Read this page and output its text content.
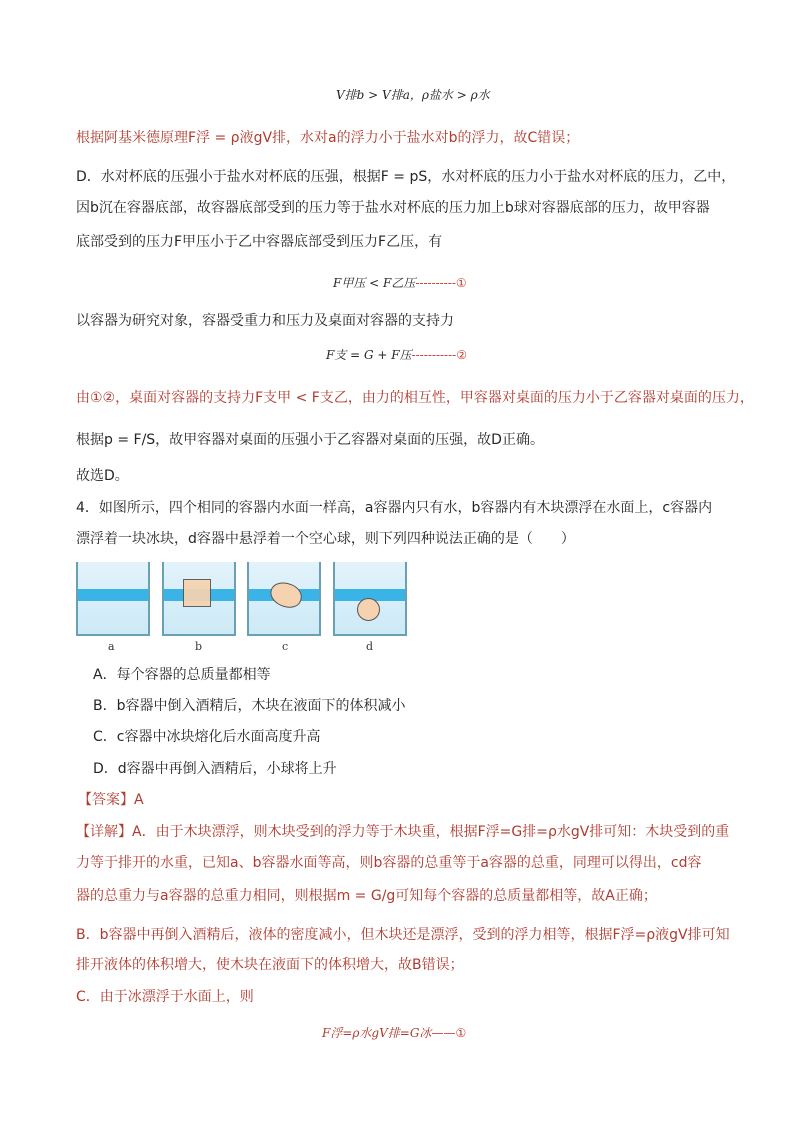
V排b > V排a，ρ盐水 > ρ水
根据阿基米德原理F浮 = ρ液gV排，水对a的浮力小于盐水对b的浮力，故C错误；
D．水对杯底的压强小于盐水对杯底的压强，根据F = pS，水对杯底的压力小于盐水对杯底的压力，乙中，
因b沉在容器底部，故容器底部受到的压力等于盐水对杯底的压力加上b球对容器底部的压力，故甲容器
底部受到的压力F甲压小于乙中容器底部受到压力F乙压，有
F甲压 < F乙压----------①
以容器为研究对象，容器受重力和压力及桌面对容器的支持力
F支 = G + F压-----------②
由①②，桌面对容器的支持力F支甲 < F支乙，由力的相互性，甲容器对桌面的压力小于乙容器对桌面的压力，
根据p = F/S，故甲容器对桌面的压强小于乙容器对桌面的压强，故D正确。
故选D。
4．如图所示，四个相同的容器内水面一样高，a容器内只有水，b容器内有木块漂浮在水面上，c容器内
漂浮着一块冰块，d容器中悬浮着一个空心球，则下列四种说法正确的是（　　）
a	b	c	d
A．每个容器的总质量都相等
B．b容器中倒入酒精后，木块在液面下的体积减小
C．c容器中冰块熔化后水面高度升高
D．d容器中再倒入酒精后，小球将上升
【答案】A
【详解】A．由于木块漂浮，则木块受到的浮力等于木块重，根据F浮=G排=ρ水gV排可知：木块受到的重
力等于排开的水重，已知a、b容器水面等高，则b容器的总重等于a容器的总重，同理可以得出，cd容
器的总重力与a容器的总重力相同，则根据m = G/g可知每个容器的总质量都相等，故A正确；
B．b容器中再倒入酒精后，液体的密度减小，但木块还是漂浮，受到的浮力相等，根据F浮=ρ液gV排可知
排开液体的体积增大，使木块在液面下的体积增大，故B错误；
C．由于冰漂浮于水面上，则
F浮=ρ水gV排=G冰——①
